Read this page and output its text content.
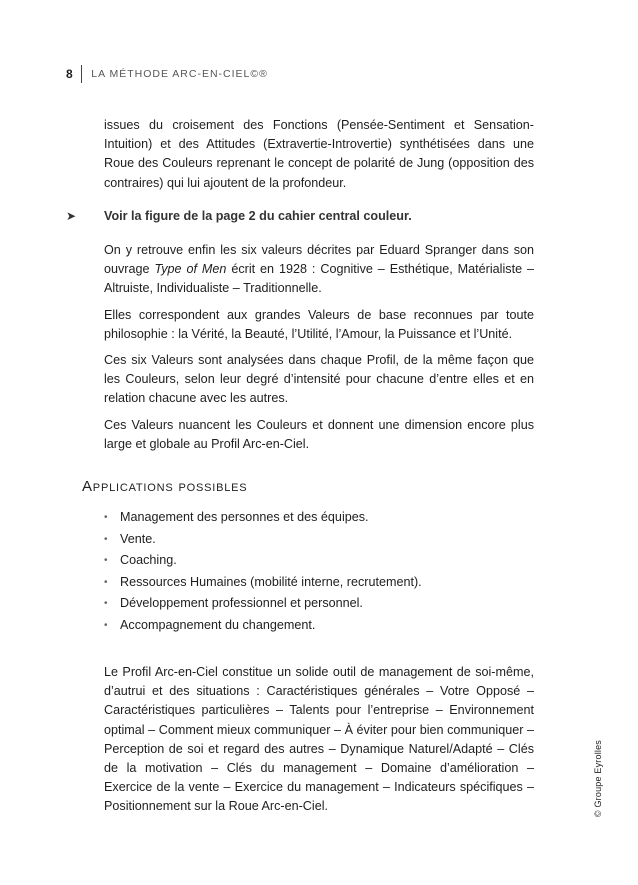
8 LA MÉTHODE ARC-EN-CIEL©®

issues du croisement des Fonctions (Pensée-Sentiment et Sensation-Intuition) et des Attitudes (Extravertie-Introvertie) synthétisées dans une Roue des Couleurs reprenant le concept de polarité de Jung (opposition des contraires) qui lui ajoutent de la profondeur.

➤	Voir la figure de la page 2 du cahier central couleur.

On y retrouve enfin les six valeurs décrites par Eduard Spranger dans son ouvrage Type of Men écrit en 1928 : Cognitive – Esthétique, Matérialiste – Altruiste, Individualiste – Traditionnelle.

Elles correspondent aux grandes Valeurs de base reconnues par toute philosophie : la Vérité, la Beauté, l’Utilité, l’Amour, la Puissance et l’Unité.

Ces six Valeurs sont analysées dans chaque Profil, de la même façon que les Couleurs, selon leur degré d’intensité pour chacune d’entre elles et en relation chacune avec les autres.

Ces Valeurs nuancent les Couleurs et donnent une dimension encore plus large et globale au Profil Arc-en-Ciel.

Applications possibles
• Management des personnes et des équipes.
• Vente.
• Coaching.
• Ressources Humaines (mobilité interne, recrutement).
• Développement professionnel et personnel.
• Accompagnement du changement.

Le Profil Arc-en-Ciel constitue un solide outil de management de soi-même, d’autrui et des situations : Caractéristiques générales – Votre Opposé – Caractéristiques particulières – Talents pour l’entreprise – Environnement optimal – Comment mieux communiquer – À éviter pour bien communiquer – Perception de soi et regard des autres – Dynamique Naturel/Adapté – Clés de la motivation – Clés du management – Domaine d’amélioration – Exercice de la vente – Exercice du management – Indicateurs spécifiques – Positionnement sur la Roue Arc-en-Ciel.	© Groupe Eyrolles
